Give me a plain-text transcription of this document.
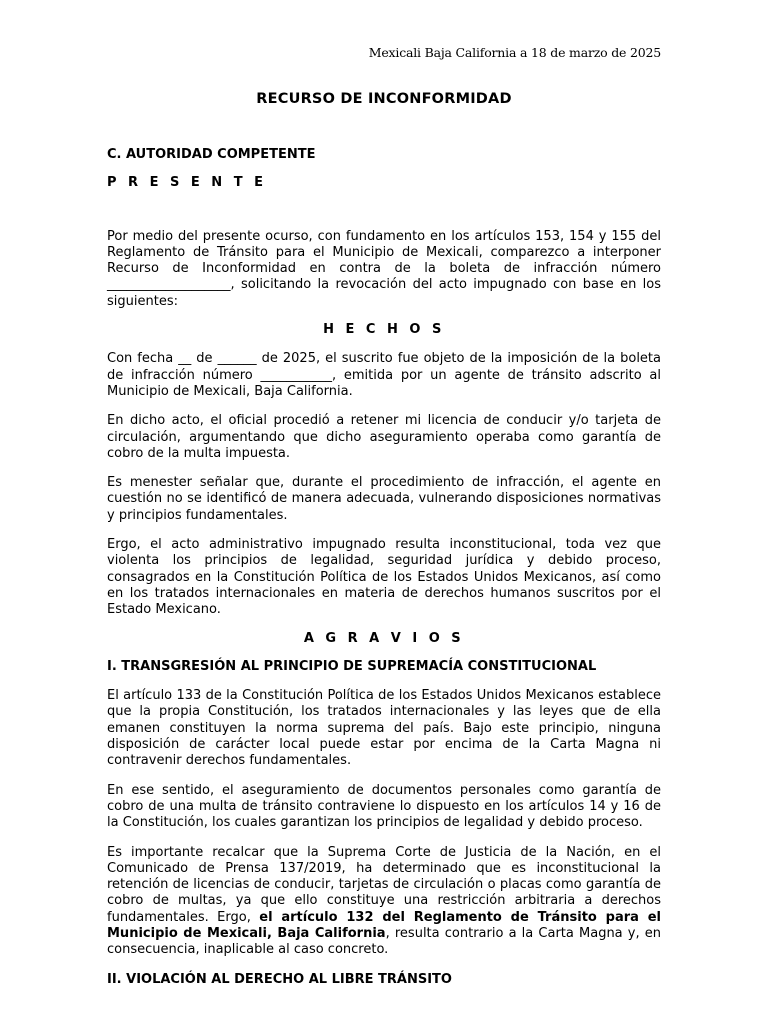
Mexicali Baja California a 18 de marzo de 2025
RECURSO DE INCONFORMIDAD
C. AUTORIDAD COMPETENTE
P R E S E N T E

Por medio del presente ocurso, con fundamento en los artículos 153, 154 y 155 del Reglamento de Tránsito para el Municipio de Mexicali, comparezco a interponer Recurso de Inconformidad en contra de la boleta de infracción número ___________________, solicitando la revocación del acto impugnado con base en los siguientes:

H E C H O S

Con fecha __ de ______ de 2025, el suscrito fue objeto de la imposición de la boleta de infracción número ___________, emitida por un agente de tránsito adscrito al Municipio de Mexicali, Baja California.

En dicho acto, el oficial procedió a retener mi licencia de conducir y/o tarjeta de circulación, argumentando que dicho aseguramiento operaba como garantía de cobro de la multa impuesta.

Es menester señalar que, durante el procedimiento de infracción, el agente en cuestión no se identificó de manera adecuada, vulnerando disposiciones normativas y principios fundamentales.

Ergo, el acto administrativo impugnado resulta inconstitucional, toda vez que violenta los principios de legalidad, seguridad jurídica y debido proceso, consagrados en la Constitución Política de los Estados Unidos Mexicanos, así como en los tratados internacionales en materia de derechos humanos suscritos por el Estado Mexicano.

A G R A V I O S
I. TRANSGRESIÓN AL PRINCIPIO DE SUPREMACÍA CONSTITUCIONAL

El artículo 133 de la Constitución Política de los Estados Unidos Mexicanos establece que la propia Constitución, los tratados internacionales y las leyes que de ella emanen constituyen la norma suprema del país. Bajo este principio, ninguna disposición de carácter local puede estar por encima de la Carta Magna ni contravenir derechos fundamentales.

En ese sentido, el aseguramiento de documentos personales como garantía de cobro de una multa de tránsito contraviene lo dispuesto en los artículos 14 y 16 de la Constitución, los cuales garantizan los principios de legalidad y debido proceso.

Es importante recalcar que la Suprema Corte de Justicia de la Nación, en el Comunicado de Prensa 137/2019, ha determinado que es inconstitucional la retención de licencias de conducir, tarjetas de circulación o placas como garantía de cobro de multas, ya que ello constituye una restricción arbitraria a derechos fundamentales. Ergo, el artículo 132 del Reglamento de Tránsito para el Municipio de Mexicali, Baja California, resulta contrario a la Carta Magna y, en consecuencia, inaplicable al caso concreto.

II. VIOLACIÓN AL DERECHO AL LIBRE TRÁNSITO
